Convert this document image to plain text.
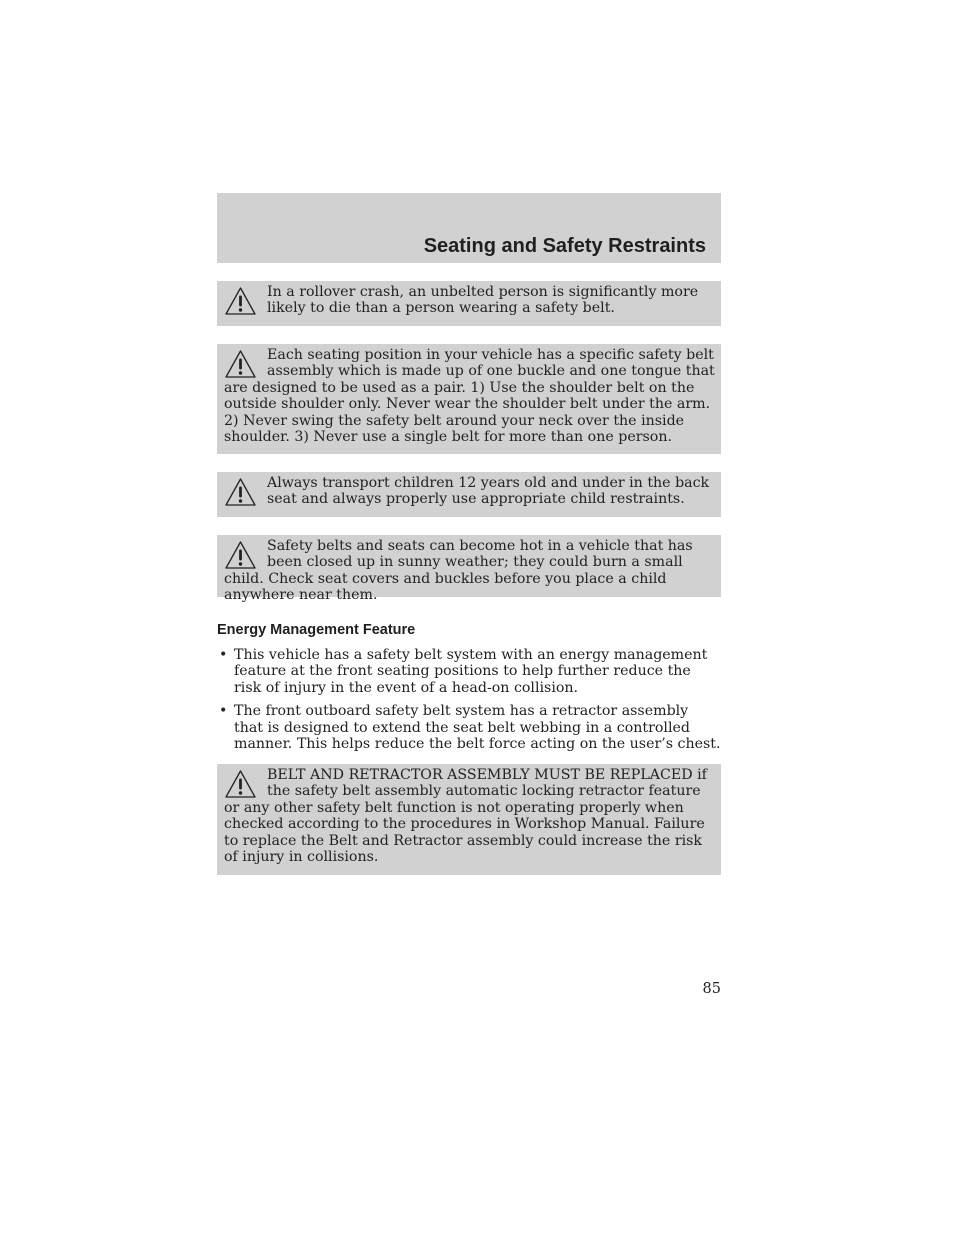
Seating and Safety Restraints

In a rollover crash, an unbelted person is significantly more likely to die than a person wearing a safety belt.

Each seating position in your vehicle has a specific safety belt assembly which is made up of one buckle and one tongue that are designed to be used as a pair. 1) Use the shoulder belt on the outside shoulder only. Never wear the shoulder belt under the arm. 2) Never swing the safety belt around your neck over the inside shoulder. 3) Never use a single belt for more than one person.

Always transport children 12 years old and under in the back seat and always properly use appropriate child restraints.

Safety belts and seats can become hot in a vehicle that has been closed up in sunny weather; they could burn a small child. Check seat covers and buckles before you place a child anywhere near them.

Energy Management Feature
• This vehicle has a safety belt system with an energy management feature at the front seating positions to help further reduce the risk of injury in the event of a head-on collision.
• The front outboard safety belt system has a retractor assembly that is designed to extend the seat belt webbing in a controlled manner. This helps reduce the belt force acting on the user’s chest.

BELT AND RETRACTOR ASSEMBLY MUST BE REPLACED if the safety belt assembly automatic locking retractor feature or any other safety belt function is not operating properly when checked according to the procedures in Workshop Manual. Failure to replace the Belt and Retractor assembly could increase the risk of injury in collisions.

85
